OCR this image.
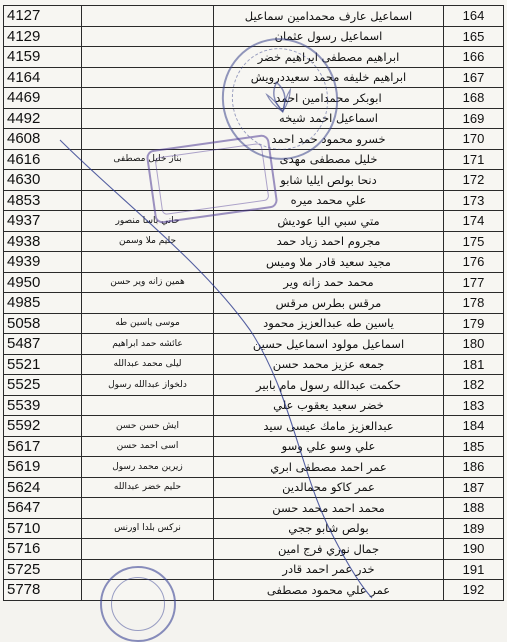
4127		اسماعيل عارف محمدامين سماعيل	164
4129		اسماعيل رسول عثمان	165
4159		ابراهيم مصطفى ابراهيم خضر	166
4164		ابراهيم خليفه محمد سعيددرويش	167
4469		ابوبكر محمدامين احمد	168
4492		اسماعيل احمد شيخه	169
4608		خسرو محمود حمد احمد	170
4616	بناز خليل مصطفى	خليل مصطفى مهدى	171
4630		دنحا بولص ايليا شابو	172
4853		علي محمد ميره	173
4937	حاني باسا منصور	متي سبي اليا عوديش	174
4938	حليم ملا وسمن	مجروم احمد زياد حمد	175
4939		مجيد سعيد قادر ملا وميس	176
4950	همين زانه وير حسن	محمد حمد زانه وير	177
4985		مرقس بطرس مرقس	178
5058	موسى ياسين طه	ياسين طه عبدالعزيز محمود	179
5487	عائشه حمد ابراهيم	اسماعيل مولود اسماعيل حسين	180
5521	ليلى محمد عبدالله	جمعه عزيز محمد حسن	181
5525	دلخواز عبدالله رسول	حكمت عبدالله رسول مام بابير	182
5539		خضر سعيد يعقوب علي	183
5592	ايش حسن حسن	عبدالعزيز مامك عيسى سيد	184
5617	اسى احمد حسن	علي وسو علي وسو	185
5619	زيرين محمد رسول	عمر احمد مصطفى ابري	186
5624	حليم خضر عبدالله	عمر كاكو محمالدين	187
5647		محمد احمد محمد حسن	188
5710	نركس بلدا اورنس	بولص شابو ججي	189
5716		جمال نوري فرج امين	190
5725		خدر عمر احمد قادر	191
5778		عمر علي محمود مصطفى	192
